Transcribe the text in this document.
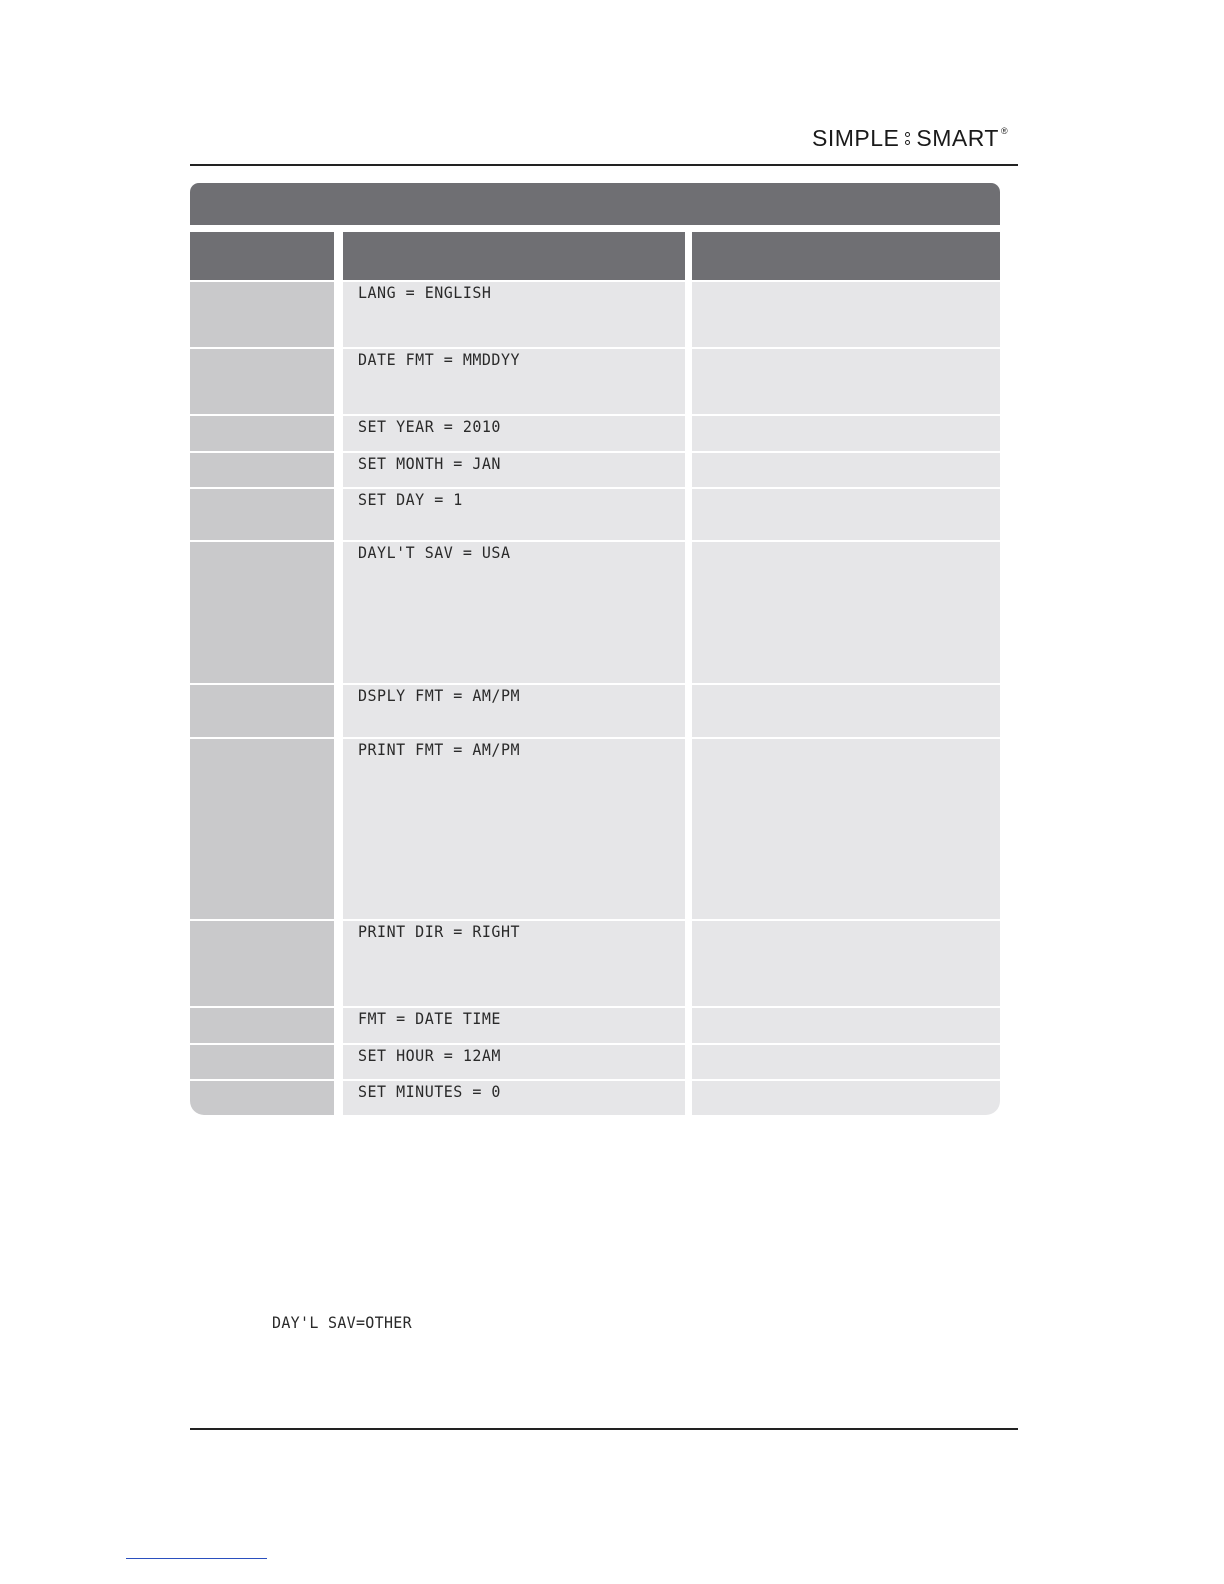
SIMPLE SMART ®
LANG = ENGLISH
DATE FMT = MMDDYY
SET YEAR = 2010
SET MONTH = JAN
SET DAY = 1
DAYL'T SAV = USA
DSPLY FMT = AM/PM
PRINT FMT = AM/PM
PRINT DIR = RIGHT
FMT = DATE TIME
SET HOUR = 12AM
SET MINUTES = 0
DAY'L SAV=OTHER
